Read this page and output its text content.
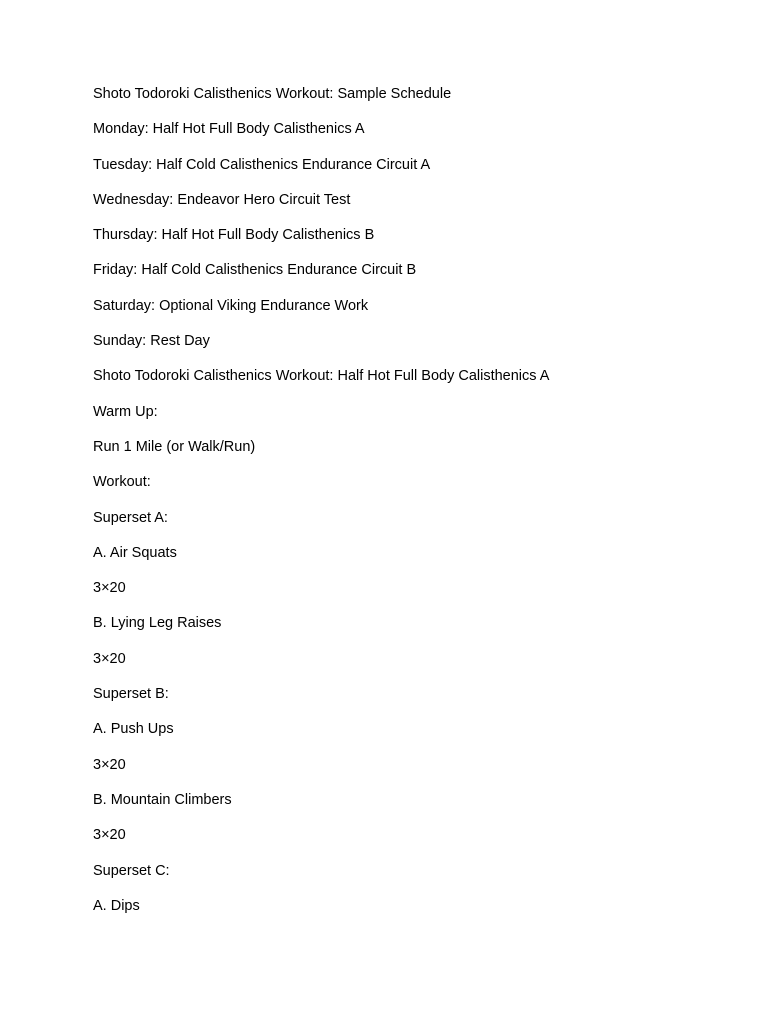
Shoto Todoroki Calisthenics Workout: Sample Schedule
Monday: Half Hot Full Body Calisthenics A
Tuesday: Half Cold Calisthenics Endurance Circuit A
Wednesday: Endeavor Hero Circuit Test
Thursday: Half Hot Full Body Calisthenics B
Friday: Half Cold Calisthenics Endurance Circuit B
Saturday: Optional Viking Endurance Work
Sunday: Rest Day
Shoto Todoroki Calisthenics Workout: Half Hot Full Body Calisthenics A
Warm Up:
Run 1 Mile (or Walk/Run)
Workout:
Superset A:
A. Air Squats
3×20
B. Lying Leg Raises
3×20
Superset B:
A. Push Ups
3×20
B. Mountain Climbers
3×20
Superset C:
A. Dips
